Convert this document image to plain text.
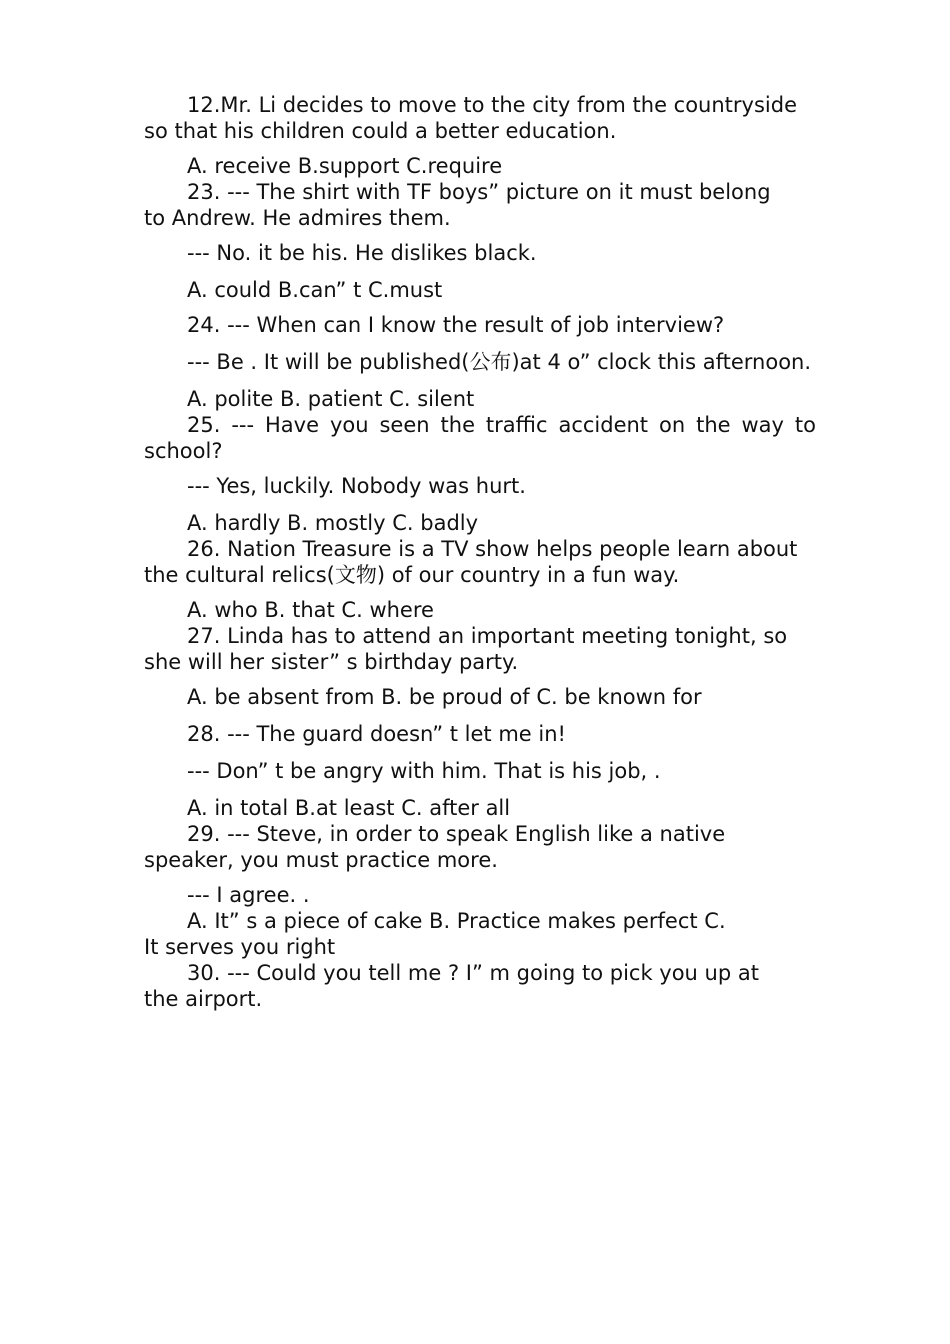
12.Mr. Li decides to move to the city from the countryside so that his children could a better education.

A. receive B.support C.require

23. --- The shirt with TF boys” picture on it must belong to Andrew. He admires them.

--- No. it be his. He dislikes black.

A. could B.can” t C.must

24. --- When can I know the result of job interview?

--- Be . It will be published(公布)at 4 o” clock this afternoon.

A. polite B. patient C. silent

25. --- Have you seen the traffic accident on the way to school?

--- Yes, luckily. Nobody was hurt.

A. hardly B. mostly C. badly

26. Nation Treasure is a TV show helps people learn about the cultural relics(文物) of our country in a fun way.

A. who B. that C. where

27. Linda has to attend an important meeting tonight, so she will her sister” s birthday party.

A. be absent from B. be proud of C. be known for

28. --- The guard doesn” t let me in!

--- Don” t be angry with him. That is his job, .

A. in total B.at least C. after all

29. --- Steve, in order to speak English like a native speaker, you must practice more.

--- I agree. .

A. It” s a piece of cake B. Practice makes perfect C. It serves you right

30. --- Could you tell me ? I” m going to pick you up at the airport.
